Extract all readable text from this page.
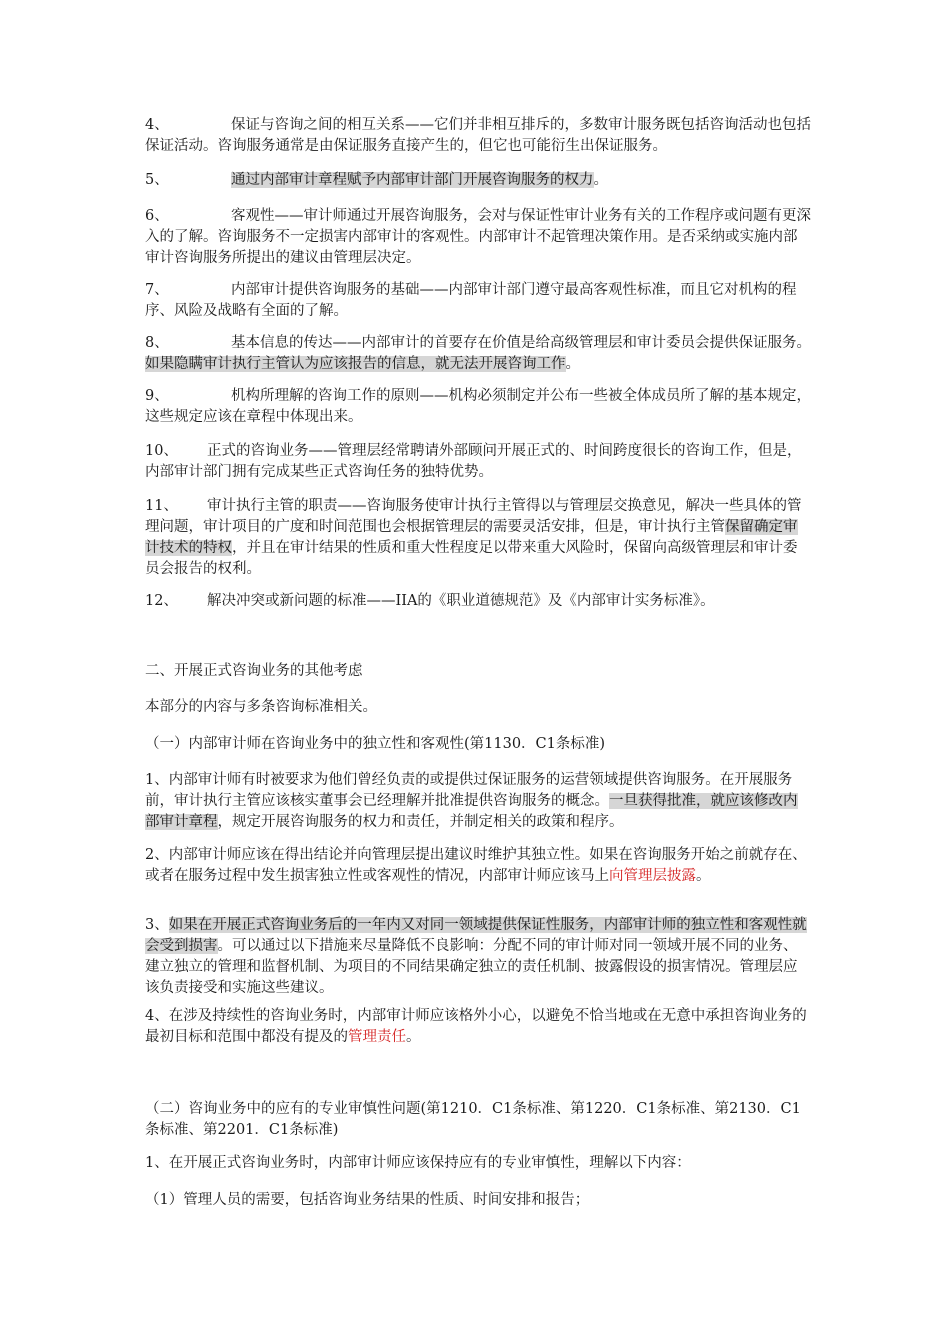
4、	保证与咨询之间的相互关系——它们并非相互排斥的，多数审计服务既包括咨询活动也包括保证活动。咨询服务通常是由保证服务直接产生的，但它也可能衍生出保证服务。

5、	通过内部审计章程赋予内部审计部门开展咨询服务的权力。

6、	客观性——审计师通过开展咨询服务，会对与保证性审计业务有关的工作程序或问题有更深入的了解。咨询服务不一定损害内部审计的客观性。内部审计不起管理决策作用。是否采纳或实施内部审计咨询服务所提出的建议由管理层决定。

7、	内部审计提供咨询服务的基础——内部审计部门遵守最高客观性标准，而且它对机构的程序、风险及战略有全面的了解。

8、	基本信息的传达——内部审计的首要存在价值是给高级管理层和审计委员会提供保证服务。如果隐瞒审计执行主管认为应该报告的信息，就无法开展咨询工作。

9、	机构所理解的咨询工作的原则——机构必须制定并公布一些被全体成员所了解的基本规定，这些规定应该在章程中体现出来。

10、 正式的咨询业务——管理层经常聘请外部顾问开展正式的、时间跨度很长的咨询工作，但是，内部审计部门拥有完成某些正式咨询任务的独特优势。

11、 审计执行主管的职责——咨询服务使审计执行主管得以与管理层交换意见，解决一些具体的管理问题，审计项目的广度和时间范围也会根据管理层的需要灵活安排，但是，审计执行主管保留确定审计技术的特权，并且在审计结果的性质和重大性程度足以带来重大风险时，保留向高级管理层和审计委员会报告的权利。

12、 解决冲突或新问题的标准——IIA的《职业道德规范》及《内部审计实务标准》。

二、开展正式咨询业务的其他考虑

本部分的内容与多条咨询标准相关。

（一）内部审计师在咨询业务中的独立性和客观性(第1130．C1条标准)

1、内部审计师有时被要求为他们曾经负责的或提供过保证服务的运营领域提供咨询服务。在开展服务前，审计执行主管应该核实董事会已经理解并批准提供咨询服务的概念。一旦获得批准，就应该修改内部审计章程，规定开展咨询服务的权力和责任，并制定相关的政策和程序。

2、内部审计师应该在得出结论并向管理层提出建议时维护其独立性。如果在咨询服务开始之前就存在、或者在服务过程中发生损害独立性或客观性的情况，内部审计师应该马上向管理层披露。

3、如果在开展正式咨询业务后的一年内又对同一领域提供保证性服务，内部审计师的独立性和客观性就会受到损害。可以通过以下措施来尽量降低不良影响：分配不同的审计师对同一领域开展不同的业务、建立独立的管理和监督机制、为项目的不同结果确定独立的责任机制、披露假设的损害情况。管理层应该负责接受和实施这些建议。

4、在涉及持续性的咨询业务时，内部审计师应该格外小心，以避免不恰当地或在无意中承担咨询业务的最初目标和范围中都没有提及的管理责任。

（二）咨询业务中的应有的专业审慎性问题(第1210．C1条标准、第1220．C1条标准、第2130．C1条标准、第2201．C1条标准)

1、在开展正式咨询业务时，内部审计师应该保持应有的专业审慎性，理解以下内容：

（1）管理人员的需要，包括咨询业务结果的性质、时间安排和报告；
